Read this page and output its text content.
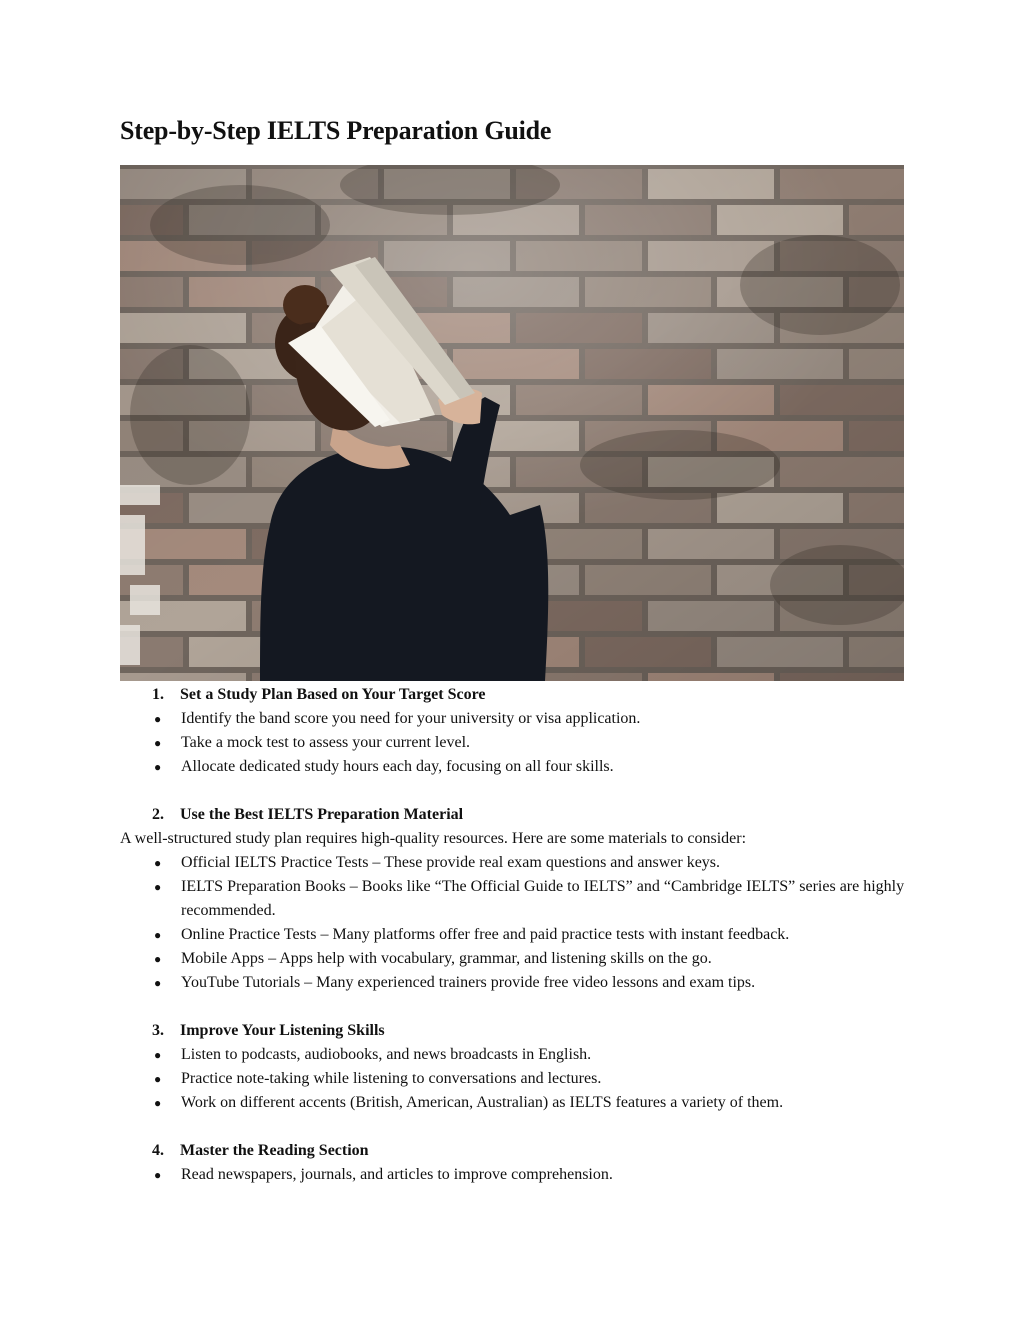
Step-by-Step IELTS Preparation Guide
1.	Set a Study Plan Based on Your Target Score
● Identify the band score you need for your university or visa application.
● Take a mock test to assess your current level.
● Allocate dedicated study hours each day, focusing on all four skills.
2.	Use the Best IELTS Preparation Material

A well-structured study plan requires high-quality resources. Here are some materials to consider:

● Official IELTS Practice Tests – These provide real exam questions and answer keys.
● IELTS Preparation Books – Books like “The Official Guide to IELTS” and “Cambridge IELTS” series are highly recommended.
● Online Practice Tests – Many platforms offer free and paid practice tests with instant feedback.
● Mobile Apps – Apps help with vocabulary, grammar, and listening skills on the go.
● YouTube Tutorials – Many experienced trainers provide free video lessons and exam tips.
3.	Improve Your Listening Skills
● Listen to podcasts, audiobooks, and news broadcasts in English.
● Practice note-taking while listening to conversations and lectures.
● Work on different accents (British, American, Australian) as IELTS features a variety of them.
4.	Master the Reading Section
● Read newspapers, journals, and articles to improve comprehension.
